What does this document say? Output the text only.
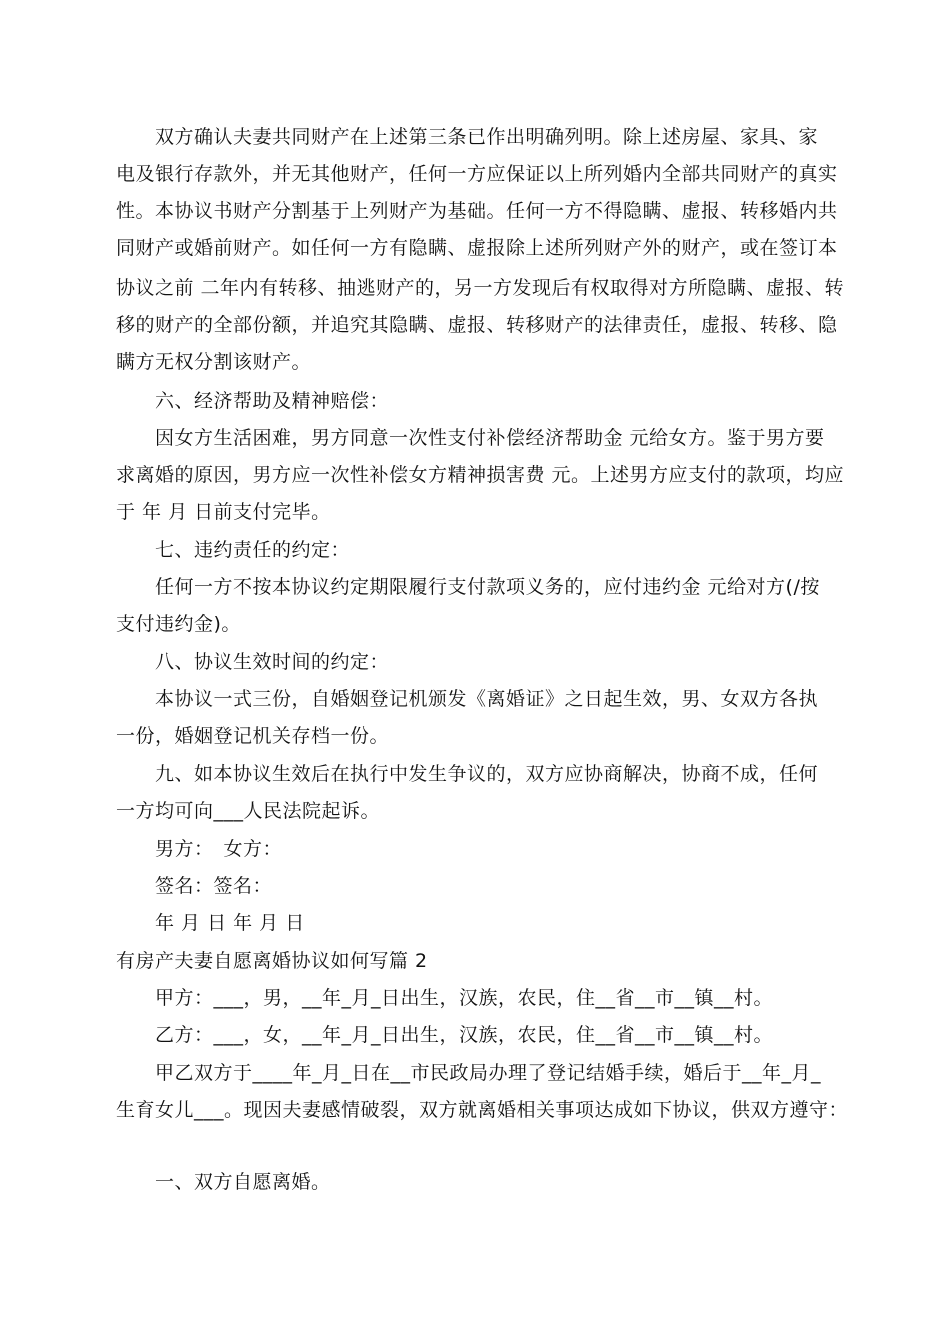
　　双方确认夫妻共同财产在上述第三条已作出明确列明。除上述房屋、家具、家
电及银行存款外，并无其他财产，任何一方应保证以上所列婚内全部共同财产的真实
性。本协议书财产分割基于上列财产为基础。任何一方不得隐瞒、虚报、转移婚内共
同财产或婚前财产。如任何一方有隐瞒、虚报除上述所列财产外的财产，或在签订本
协议之前 二年内有转移、抽逃财产的，另一方发现后有权取得对方所隐瞒、虚报、转
移的财产的全部份额，并追究其隐瞒、虚报、转移财产的法律责任，虚报、转移、隐
瞒方无权分割该财产。
　　六、经济帮助及精神赔偿：
　　因女方生活困难，男方同意一次性支付补偿经济帮助金 元给女方。鉴于男方要
求离婚的原因，男方应一次性补偿女方精神损害费 元。上述男方应支付的款项，均应
于 年 月 日前支付完毕。
　　七、违约责任的约定：
　　任何一方不按本协议约定期限履行支付款项义务的，应付违约金 元给对方(/按
支付违约金)。
　　八、协议生效时间的约定：
　　本协议一式三份，自婚姻登记机颁发《离婚证》之日起生效，男、女双方各执
一份，婚姻登记机关存档一份。
　　九、如本协议生效后在执行中发生争议的，双方应协商解决，协商不成，任何
一方均可向___人民法院起诉。
　　男方：　女方：
　　签名：签名：
　　年 月 日 年 月 日
有房产夫妻自愿离婚协议如何写篇 2
　　甲方：___，男，__年_月_日出生，汉族，农民，住__省__市__镇__村。
　　乙方：___，女，__年_月_日出生，汉族，农民，住__省__市__镇__村。
　　甲乙双方于____年_月_日在__市民政局办理了登记结婚手续，婚后于__年_月_
生育女儿___。现因夫妻感情破裂，双方就离婚相关事项达成如下协议，供双方遵守：
　　一、双方自愿离婚。
